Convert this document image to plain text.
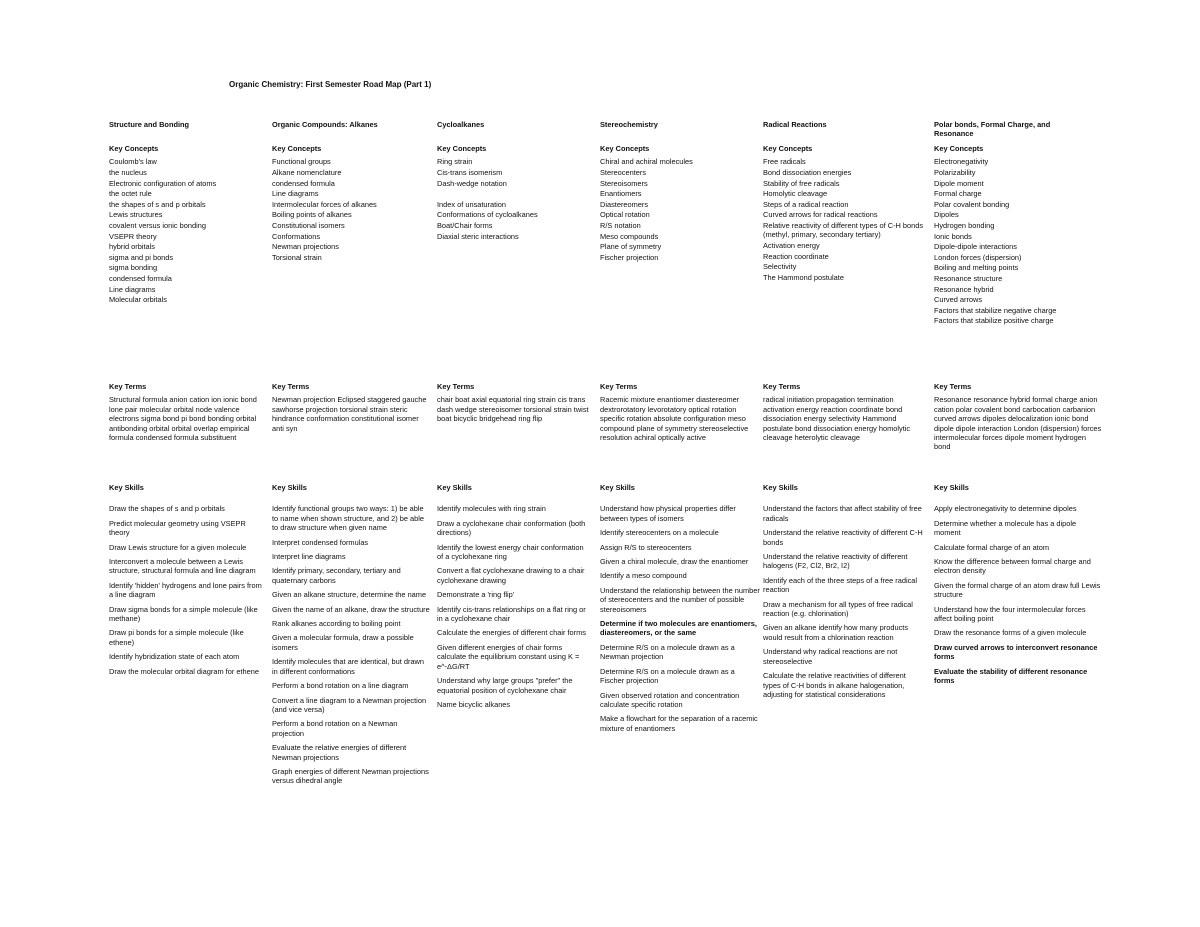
Organic Chemistry: First Semester Road Map (Part 1)
Structure and Bonding
Key Concepts
Coulomb's law
the nucleus
Electronic configuration of atoms
the octet rule
the shapes of s and p orbitals
Lewis structures
covalent versus ionic bonding
VSEPR theory
hybrid orbitals
sigma and pi bonds
sigma bonding
condensed formula
Line diagrams
Molecular orbitals
Key Terms
Structural formula anion cation ion ionic bond lone pair molecular orbital node valence electrons sigma bond pi bond bonding orbital antibonding orbital orbital overlap empirical formula condensed formula substituent
Key Skills
Draw the shapes of s and p orbitals
Predict molecular geometry using VSEPR theory
Draw Lewis structure for a given molecule
Interconvert a molecule between a Lewis structure, structural formula and line diagram
Identify 'hidden' hydrogens and lone pairs from a line diagram
Draw sigma bonds for a simple molecule (like methane)
Draw pi bonds for a simple molecule (like ethene)
Identify hybridization state of each atom
Draw the molecular orbital diagram for ethene
Organic Compounds: Alkanes
Key Concepts
Functional groups
Alkane nomenclature
condensed formula
Line diagrams
Intermolecular forces of alkanes
Boiling points of alkanes
Constitutional isomers
Conformations
Newman projections
Torsional strain
Key Terms
Newman projection Eclipsed staggered gauche sawhorse projection torsional strain steric hindrance conformation constitutional isomer anti syn
Key Skills
Identify functional groups two ways: 1) be able to name when shown structure, and 2) be able to draw structure when given name
Interpret condensed formulas
Interpret line diagrams
Identify primary, secondary, tertiary and quaternary carbons
Given an alkane structure, determine the name
Given the name of an alkane, draw the structure
Rank alkanes according to boiling point
Given a molecular formula, draw a possible isomers
Identify molecules that are identical, but drawn in different conformations
Perform a bond rotation on a line diagram
Convert a line diagram to a Newman projection (and vice versa)
Perform a bond rotation on a Newman projection
Evaluate the relative energies of different Newman projections
Graph energies of different Newman projections versus dihedral angle
Cycloalkanes
Key Concepts
Ring strain
Cis-trans isomerism
Dash-wedge notation

Index of unsaturation
Conformations of cycloalkanes
Boat/Chair forms
Diaxial steric interactions
Key Terms
chair boat axial equatorial ring strain cis trans dash wedge stereoisomer torsional strain twist boat bicyclic bridgehead ring flip
Key Skills
Identify molecules with ring strain
Draw a cyclohexane chair conformation (both directions)
Identify the lowest energy chair conformation of a cyclohexane ring
Convert a flat cyclohexane drawing to a chair cyclohexane drawing
Demonstrate a 'ring flip'
Identify cis-trans relationships on a flat ring or in a cyclohexane chair
Calculate the energies of different chair forms
Given different energies of chair forms calculate the equilibrium constant using K = e^-ΔG/RT
Understand why large groups "prefer" the equatorial position of cyclohexane chair
Name bicyclic alkanes
Stereochemistry
Key Concepts
Chiral and achiral molecules
Stereocenters
Stereoisomers
Enantiomers
Diastereomers
Optical rotation
R/S notation
Meso compounds
Plane of symmetry
Fischer projection
Key Terms
Racemic mixture enantiomer diastereomer dextrorotatory levorotatory optical rotation specific rotation absolute configuration meso compound plane of symmetry stereoselective resolution achiral optically active
Key Skills
Understand how physical properties differ between types of isomers
Identify stereocenters on a molecule
Assign R/S to stereocenters
Given a chiral molecule, draw the enantiomer
Identify a meso compound
Understand the relationship between the number of stereocenters and the number of possible stereoisomers
Determine if two molecules are enantiomers, diastereomers, or the same
Determine R/S on a molecule drawn as a Newman projection
Determine R/S on a molecule drawn as a Fischer projection
Given observed rotation and concentration calculate specific rotation
Make a flowchart for the separation of a racemic mixture of enantiomers
Radical Reactions
Key Concepts
Free radicals
Bond dissociation energies
Stability of free radicals
Homolytic cleavage
Steps of a radical reaction
Curved arrows for radical reactions
Relative reactivity of different types of C-H bonds (methyl, primary, secondary tertiary)
Activation energy
Reaction coordinate
Selectivity
The Hammond postulate
Key Terms
radical initiation propagation termination activation energy reaction coordinate bond dissociation energy selectivity Hammond postulate bond dissociation energy homolytic cleavage heterolytic cleavage
Key Skills
Understand the factors that affect stability of free radicals
Understand the relative reactivity of different C-H bonds
Understand the relative reactivity of different halogens (F2, Cl2, Br2, I2)
Identify each of the three steps of a free radical reaction
Draw a mechanism for all types of free radical reaction (e.g. chlorination)
Given an alkane identify how many products would result from a chlorination reaction
Understand why radical reactions are not stereoselective
Calculate the relative reactivities of different types of C-H bonds in alkane halogenation, adjusting for statistical considerations
Polar bonds, Formal Charge, and Resonance
Key Concepts
Electronegativity
Polarizability
Dipole moment
Formal charge
Polar covalent bonding
Dipoles
Hydrogen bonding
Ionic bonds
Dipole-dipole interactions
London forces (dispersion)
Boiling and melting points
Resonance structure
Resonance hybrid
Curved arrows
Factors that stabilize negative charge
Factors that stabilize positive charge
Key Terms
Resonance resonance hybrid formal charge anion cation polar covalent bond carbocation carbanion curved arrows dipoles delocalization ionic bond dipole dipole interaction London (dispersion) forces intermolecular forces dipole moment hydrogen bond
Key Skills
Apply electronegativity to determine dipoles
Determine whether a molecule has a dipole moment
Calculate formal charge of an atom
Know the difference between formal charge and electron density
Given the formal charge of an atom draw full Lewis structure
Understand how the four intermolecular forces affect boiling point
Draw the resonance forms of a given molecule
Draw curved arrows to interconvert resonance forms
Evaluate the stability of different resonance forms
